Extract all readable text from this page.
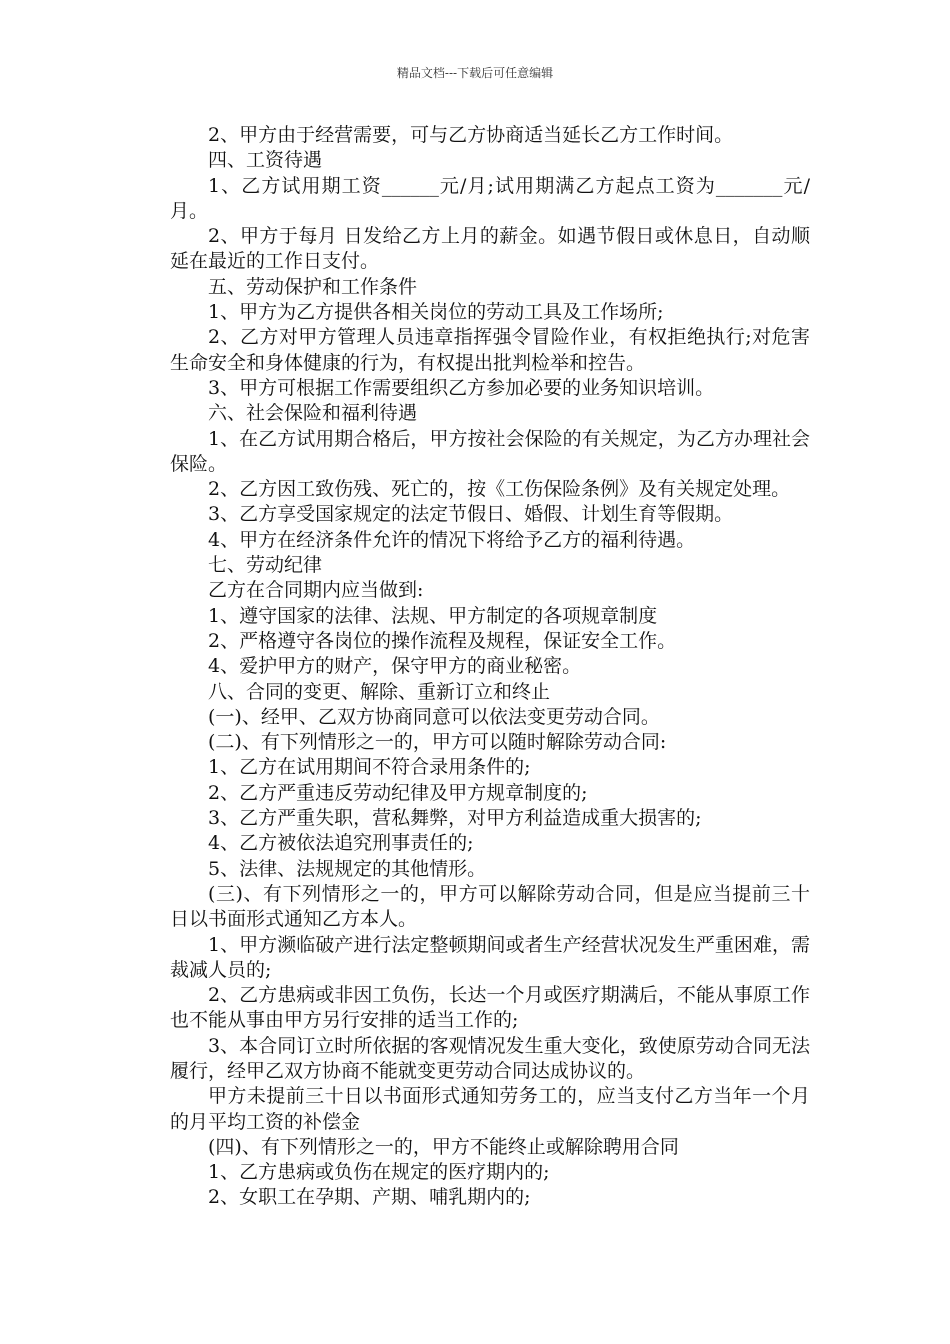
精品文档---下载后可任意编辑

2、甲方由于经营需要，可与乙方协商适当延长乙方工作时间。

四、工资待遇

1、乙方试用期工资______元/月;试用期满乙方起点工资为_______元/月。

2、甲方于每月 日发给乙方上月的薪金。如遇节假日或休息日，自动顺延在最近的工作日支付。

五、劳动保护和工作条件

1、甲方为乙方提供各相关岗位的劳动工具及工作场所;

2、乙方对甲方管理人员违章指挥强令冒险作业，有权拒绝执行;对危害生命安全和身体健康的行为，有权提出批判检举和控告。

3、甲方可根据工作需要组织乙方参加必要的业务知识培训。

六、社会保险和福利待遇

1、在乙方试用期合格后，甲方按社会保险的有关规定，为乙方办理社会保险。

2、乙方因工致伤残、死亡的，按《工伤保险条例》及有关规定处理。

3、乙方享受国家规定的法定节假日、婚假、计划生育等假期。

4、甲方在经济条件允许的情况下将给予乙方的福利待遇。

七、劳动纪律

乙方在合同期内应当做到:

1、遵守国家的法律、法规、甲方制定的各项规章制度

2、严格遵守各岗位的操作流程及规程，保证安全工作。

4、爱护甲方的财产，保守甲方的商业秘密。

八、合同的变更、解除、重新订立和终止

(一)、经甲、乙双方协商同意可以依法变更劳动合同。

(二)、有下列情形之一的，甲方可以随时解除劳动合同:

1、乙方在试用期间不符合录用条件的;

2、乙方严重违反劳动纪律及甲方规章制度的;

3、乙方严重失职，营私舞弊，对甲方利益造成重大损害的;

4、乙方被依法追究刑事责任的;

5、法律、法规规定的其他情形。

(三)、有下列情形之一的，甲方可以解除劳动合同，但是应当提前三十日以书面形式通知乙方本人。

1、甲方濒临破产进行法定整顿期间或者生产经营状况发生严重困难，需裁减人员的;

2、乙方患病或非因工负伤，长达一个月或医疗期满后，不能从事原工作也不能从事由甲方另行安排的适当工作的;

3、本合同订立时所依据的客观情况发生重大变化，致使原劳动合同无法履行，经甲乙双方协商不能就变更劳动合同达成协议的。

甲方未提前三十日以书面形式通知劳务工的，应当支付乙方当年一个月的月平均工资的补偿金

(四)、有下列情形之一的，甲方不能终止或解除聘用合同

1、乙方患病或负伤在规定的医疗期内的;

2、女职工在孕期、产期、哺乳期内的;
